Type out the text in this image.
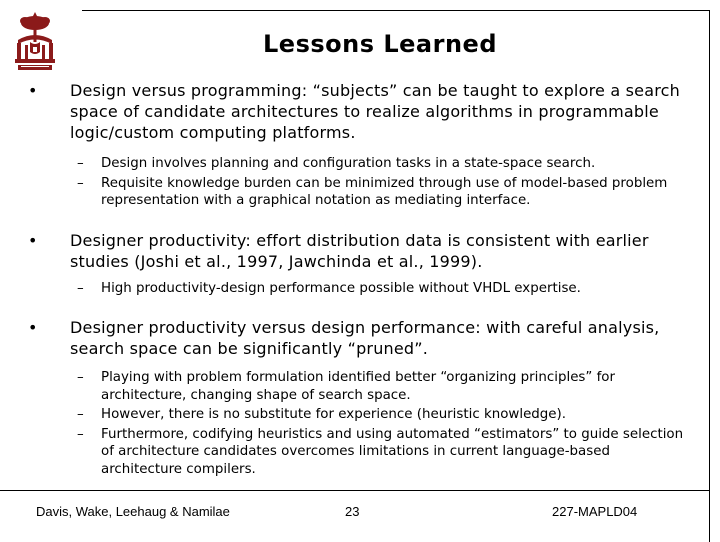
Lessons Learned

• Design versus programming: “subjects” can be taught to explore a search space of candidate architectures to realize algorithms in programmable logic/custom computing platforms.

– Design involves planning and configuration tasks in a state-space search.

– Requisite knowledge burden can be minimized through use of model-based problem representation with a graphical notation as mediating interface.

• Designer productivity: effort distribution data is consistent with earlier studies (Joshi et al., 1997, Jawchinda et al., 1999).

– High productivity-design performance possible without VHDL expertise.

• Designer productivity versus design performance: with careful analysis, search space can be significantly “pruned”.

– Playing with problem formulation identified better “organizing principles” for architecture, changing shape of search space.

– However, there is no substitute for experience (heuristic knowledge).

– Furthermore, codifying heuristics and using automated “estimators” to guide selection of architecture candidates overcomes limitations in current language-based architecture compilers.

Davis, Wake, Leehaug & Namilae	23	227-MAPLD04
